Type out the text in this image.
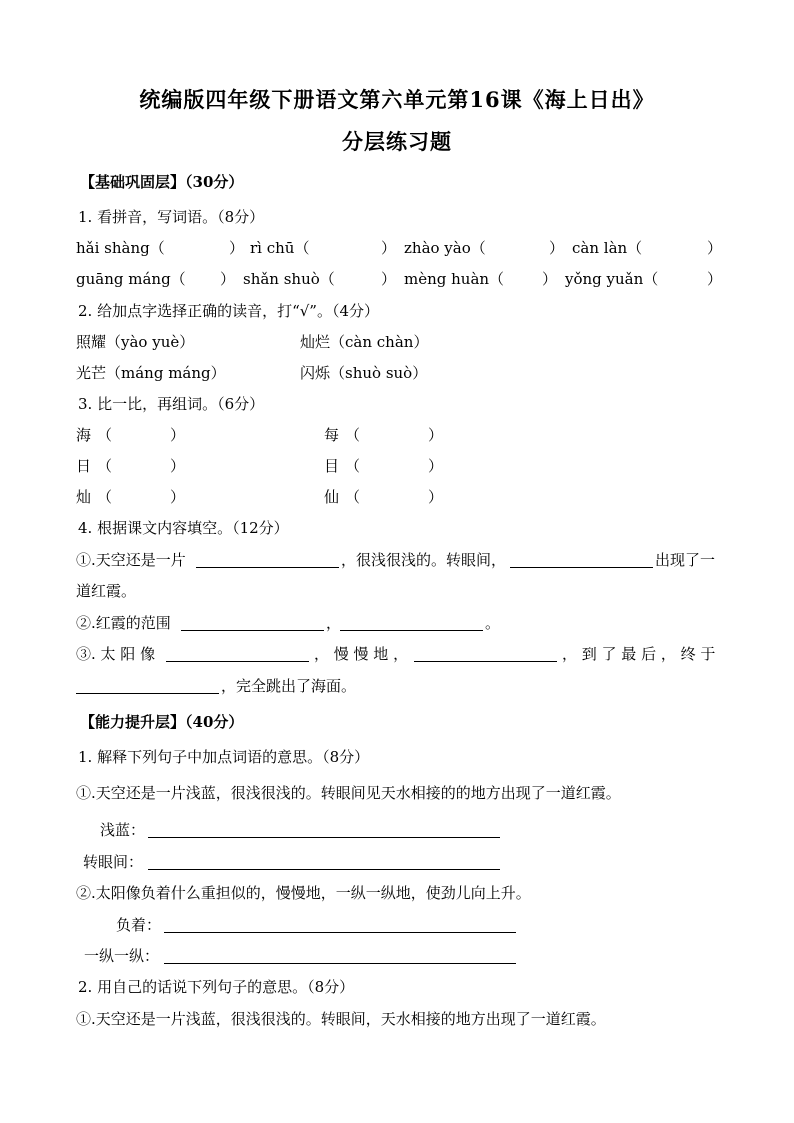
统编版四年级下册语文第六单元第16课《海上日出》
分层练习题
【基础巩固层】（30分）
1. 看拼音，写词语。（8分）
hǎi shàng（	） rì chū（	） zhào yào（	） càn làn（	）
guāng máng（ ） shǎn shuò（	） mèng huàn（	） yǒng yuǎn（	）
2. 给加点字选择正确的读音，打“√”。（4分）
照耀（yào yuè）	灿烂（càn chàn）
光芒（máng máng）	闪烁（shuò suò）
3. 比一比，再组词。（6分）
海 （	）	每 （	）
日 （	）	目 （	）
灿 （	）	仙 （	）
4. 根据课文内容填空。（12分）
①.天空还是一片	，很浅很浅的。转眼间，	出现了一
道红霞。
②.红霞的范围	，	。
③. 太 阳 像	， 慢 慢 地 ，	， 到 了 最 后 ， 终 于
，完全跳出了海面。
【能力提升层】（40分）
1. 解释下列句子中加点词语的意思。（8分）
①.天空还是一片浅蓝，很浅很浅的。转眼间见天水相接的的地方出现了一道红霞。
浅蓝：
转眼间：
②.太阳像负着什么重担似的，慢慢地，一纵一纵地，使劲儿向上升。
负着：
一纵一纵：
2. 用自己的话说下列句子的意思。（8分）
①.天空还是一片浅蓝，很浅很浅的。转眼间，天水相接的地方出现了一道红霞。
